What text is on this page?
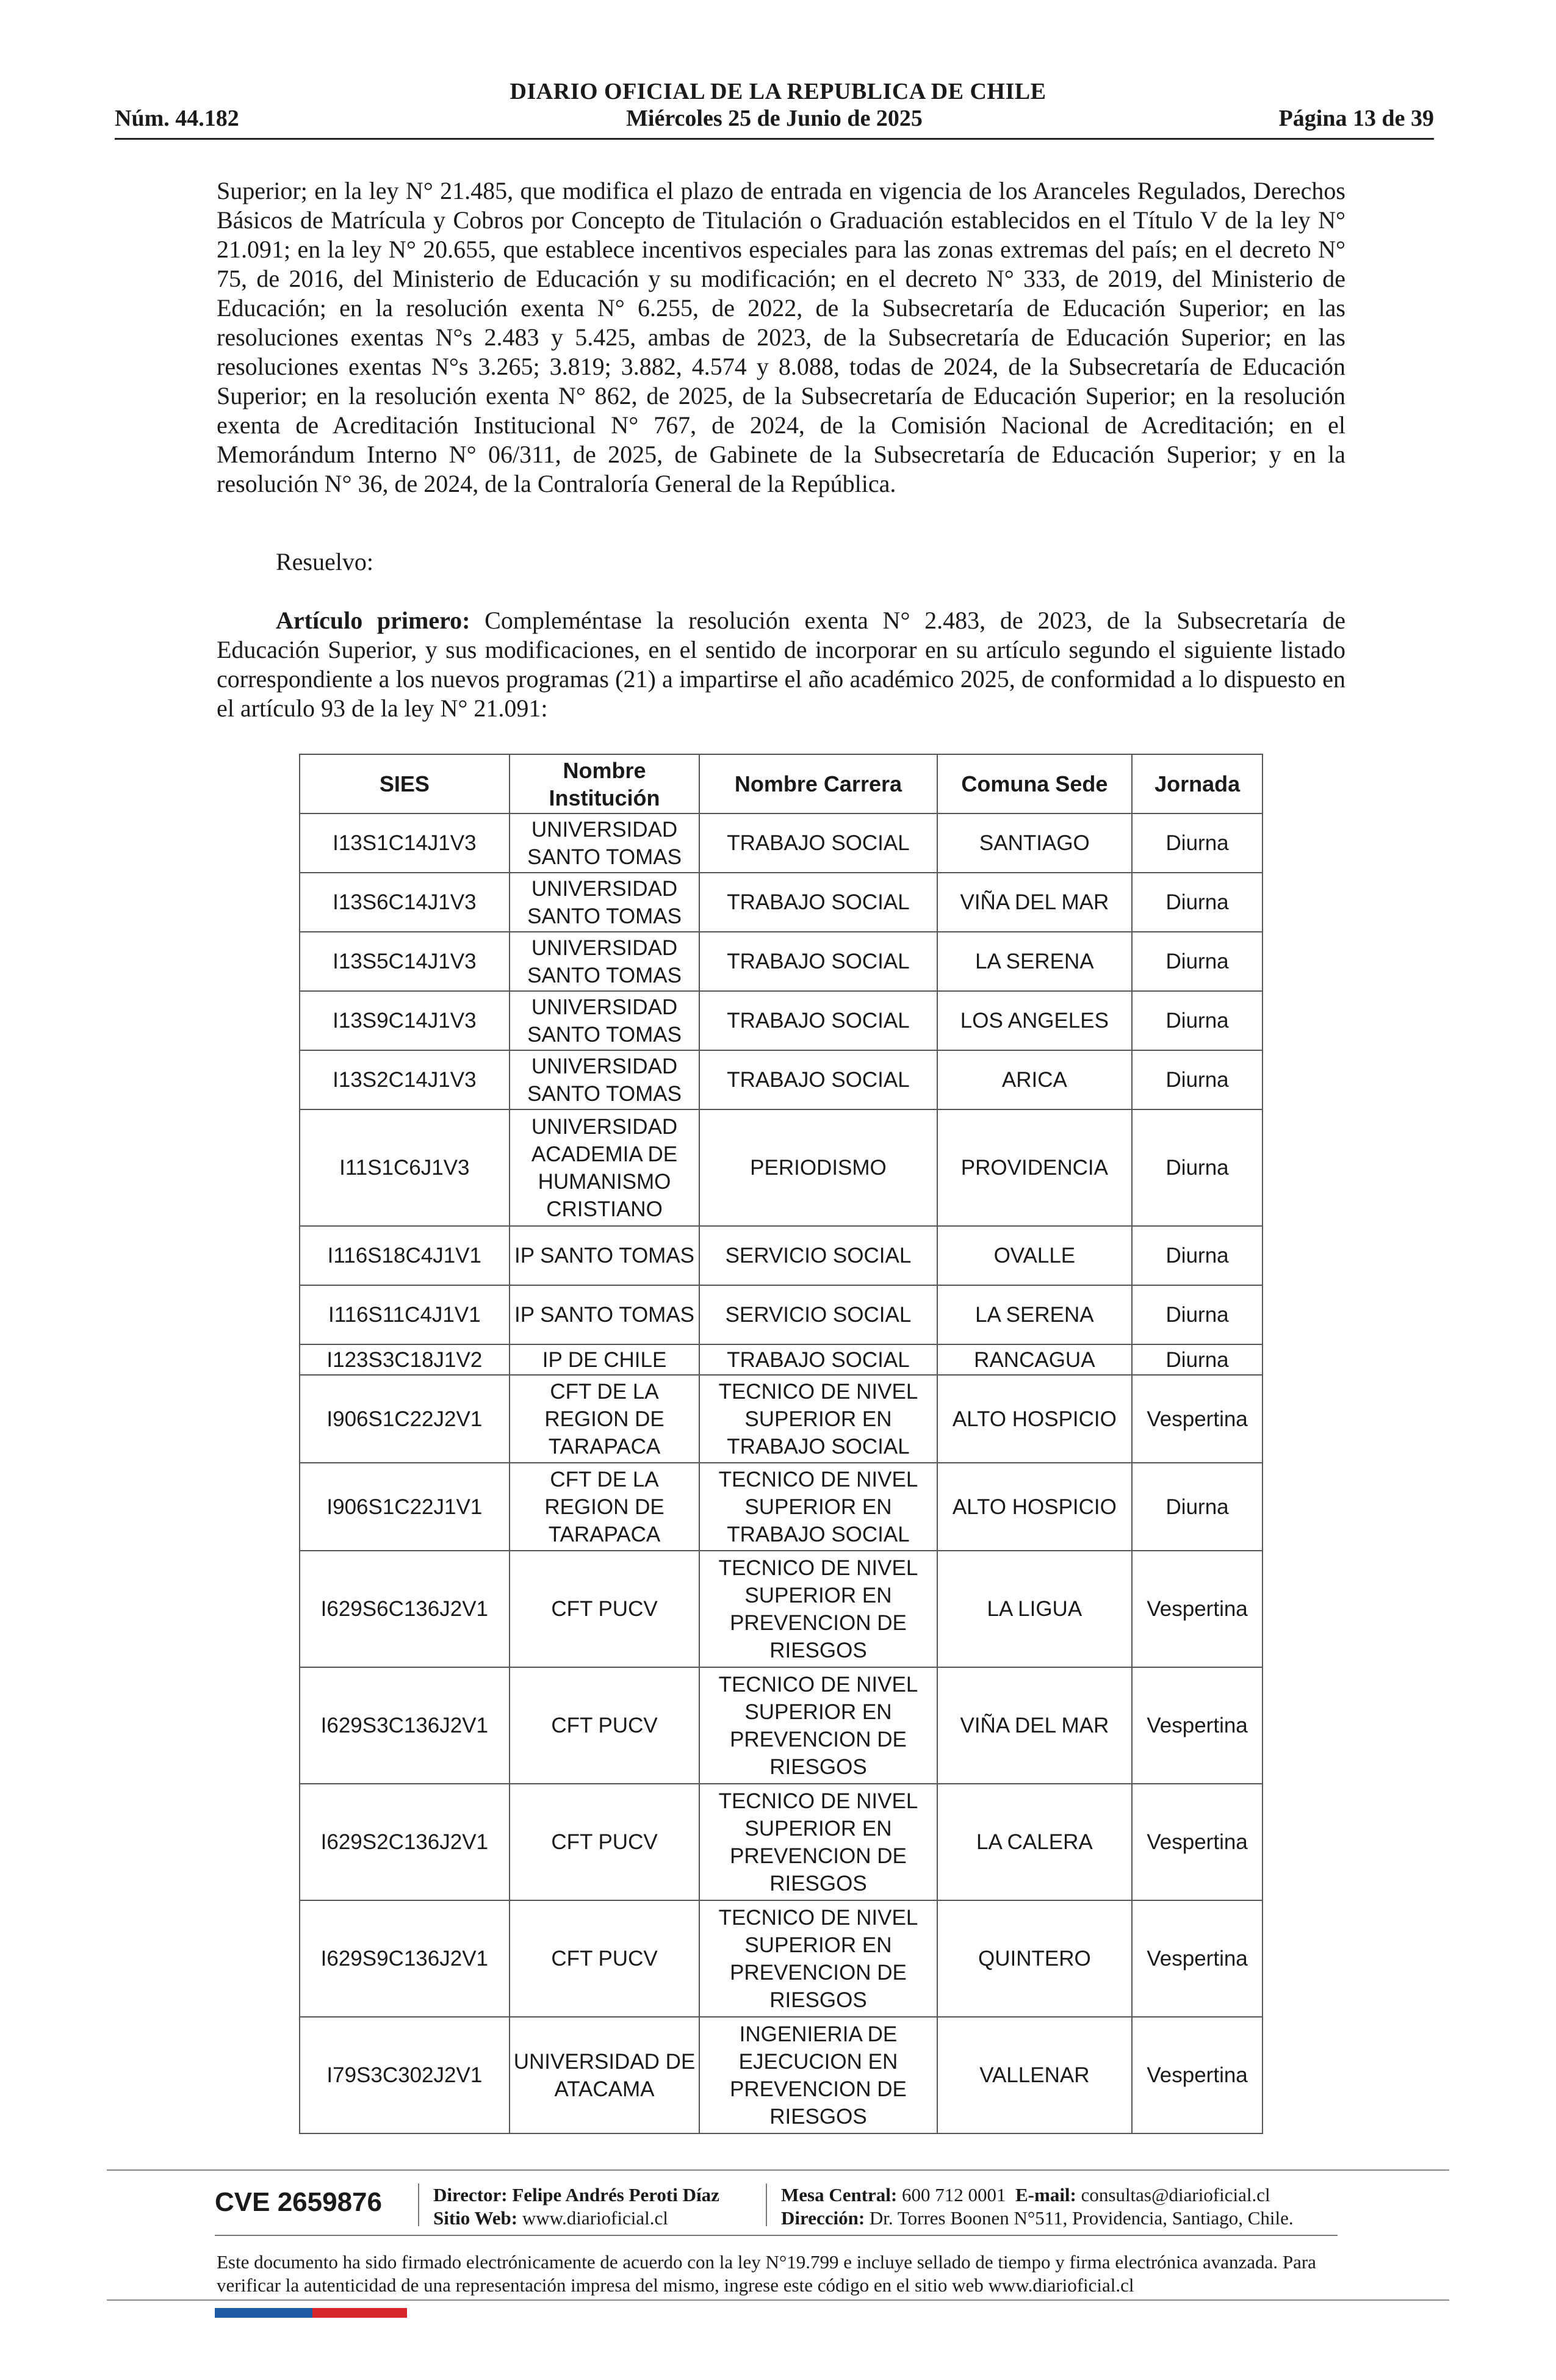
DIARIO OFICIAL DE LA REPUBLICA DE CHILE
Miércoles 25 de Junio de 2025
Núm. 44.182	Página 13 de 39
Superior; en la ley N° 21.485, que modifica el plazo de entrada en vigencia de los Aranceles Regulados, Derechos Básicos de Matrícula y Cobros por Concepto de Titulación o Graduación establecidos en el Título V de la ley N° 21.091; en la ley N° 20.655, que establece incentivos especiales para las zonas extremas del país; en el decreto N° 75, de 2016, del Ministerio de Educación y su modificación; en el decreto N° 333, de 2019, del Ministerio de Educación; en la resolución exenta N° 6.255, de 2022, de la Subsecretaría de Educación Superior; en las resoluciones exentas N°s 2.483 y 5.425, ambas de 2023, de la Subsecretaría de Educación Superior; en las resoluciones exentas N°s 3.265; 3.819; 3.882, 4.574 y 8.088, todas de 2024, de la Subsecretaría de Educación Superior; en la resolución exenta N° 862, de 2025, de la Subsecretaría de Educación Superior; en la resolución exenta de Acreditación Institucional N° 767, de 2024, de la Comisión Nacional de Acreditación; en el Memorándum Interno N° 06/311, de 2025, de Gabinete de la Subsecretaría de Educación Superior; y en la resolución N° 36, de 2024, de la Contraloría General de la República.
Resuelvo:
Artículo primero: Compleméntase la resolución exenta N° 2.483, de 2023, de la Subsecretaría de Educación Superior, y sus modificaciones, en el sentido de incorporar en su artículo segundo el siguiente listado correspondiente a los nuevos programas (21) a impartirse el año académico 2025, de conformidad a lo dispuesto en el artículo 93 de la ley N° 21.091:
SIES	Nombre Institución	Nombre Carrera	Comuna Sede	Jornada
I13S1C14J1V3	UNIVERSIDAD SANTO TOMAS	TRABAJO SOCIAL	SANTIAGO	Diurna
I13S6C14J1V3	UNIVERSIDAD SANTO TOMAS	TRABAJO SOCIAL	VIÑA DEL MAR	Diurna
I13S5C14J1V3	UNIVERSIDAD SANTO TOMAS	TRABAJO SOCIAL	LA SERENA	Diurna
I13S9C14J1V3	UNIVERSIDAD SANTO TOMAS	TRABAJO SOCIAL	LOS ANGELES	Diurna
I13S2C14J1V3	UNIVERSIDAD SANTO TOMAS	TRABAJO SOCIAL	ARICA	Diurna
I11S1C6J1V3	UNIVERSIDAD ACADEMIA DE HUMANISMO CRISTIANO	PERIODISMO	PROVIDENCIA	Diurna
I116S18C4J1V1	IP SANTO TOMAS	SERVICIO SOCIAL	OVALLE	Diurna
I116S11C4J1V1	IP SANTO TOMAS	SERVICIO SOCIAL	LA SERENA	Diurna
I123S3C18J1V2	IP DE CHILE	TRABAJO SOCIAL	RANCAGUA	Diurna
I906S1C22J2V1	CFT DE LA REGION DE TARAPACA	TECNICO DE NIVEL SUPERIOR EN TRABAJO SOCIAL	ALTO HOSPICIO	Vespertina
I906S1C22J1V1	CFT DE LA REGION DE TARAPACA	TECNICO DE NIVEL SUPERIOR EN TRABAJO SOCIAL	ALTO HOSPICIO	Diurna
I629S6C136J2V1	CFT PUCV	TECNICO DE NIVEL SUPERIOR EN PREVENCION DE RIESGOS	LA LIGUA	Vespertina
I629S3C136J2V1	CFT PUCV	TECNICO DE NIVEL SUPERIOR EN PREVENCION DE RIESGOS	VIÑA DEL MAR	Vespertina
I629S2C136J2V1	CFT PUCV	TECNICO DE NIVEL SUPERIOR EN PREVENCION DE RIESGOS	LA CALERA	Vespertina
I629S9C136J2V1	CFT PUCV	TECNICO DE NIVEL SUPERIOR EN PREVENCION DE RIESGOS	QUINTERO	Vespertina
I79S3C302J2V1	UNIVERSIDAD DE ATACAMA	INGENIERIA DE EJECUCION EN PREVENCION DE RIESGOS	VALLENAR	Vespertina
CVE 2659876	Director: Felipe Andrés Peroti Díaz
Sitio Web: www.diarioficial.cl
Mesa Central: 600 712 0001 E-mail: consultas@diarioficial.cl
Dirección: Dr. Torres Boonen N°511, Providencia, Santiago, Chile.
Este documento ha sido firmado electrónicamente de acuerdo con la ley N°19.799 e incluye sellado de tiempo y firma electrónica avanzada. Para verificar la autenticidad de una representación impresa del mismo, ingrese este código en el sitio web www.diarioficial.cl
